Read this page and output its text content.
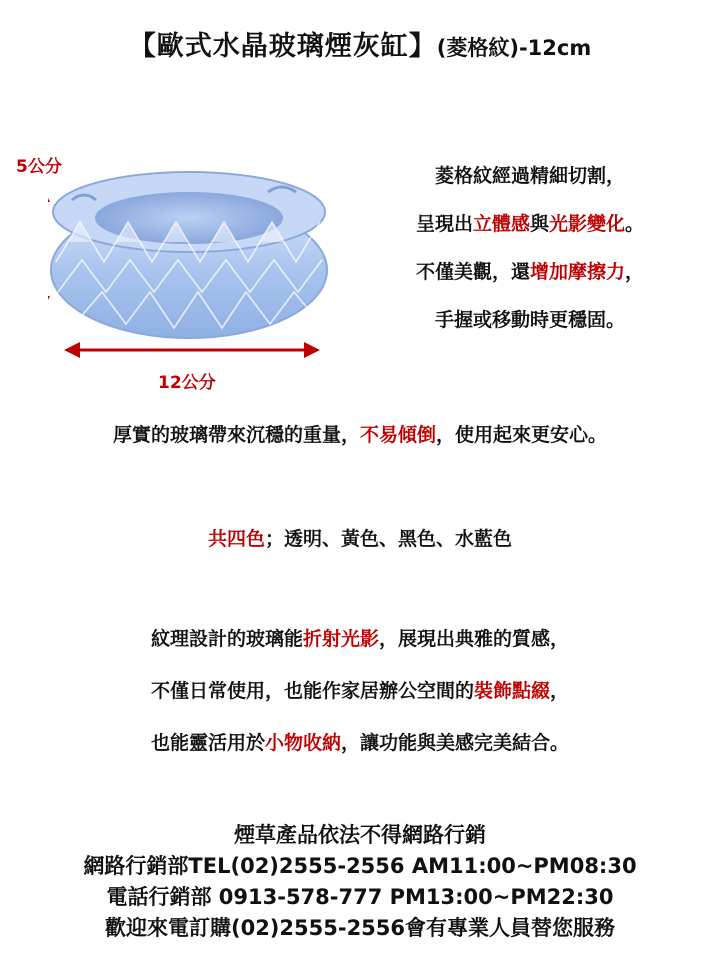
【歐式水晶玻璃煙灰缸】(菱格紋)-12cm
5公分
12公分
菱格紋經過精細切割，
呈現出立體感與光影變化。
不僅美觀，還增加摩擦力，
手握或移動時更穩固。
厚實的玻璃帶來沉穩的重量，不易傾倒，使用起來更安心。
共四色；透明、黃色、黑色、水藍色
紋理設計的玻璃能折射光影，展現出典雅的質感，
不僅日常使用，也能作家居辦公空間的裝飾點綴，
也能靈活用於小物收納，讓功能與美感完美結合。
煙草產品依法不得網路行銷
網路行銷部TEL(02)2555-2556 AM11:00~PM08:30
電話行銷部 0913-578-777 PM13:00~PM22:30
歡迎來電訂購(02)2555-2556會有專業人員替您服務
